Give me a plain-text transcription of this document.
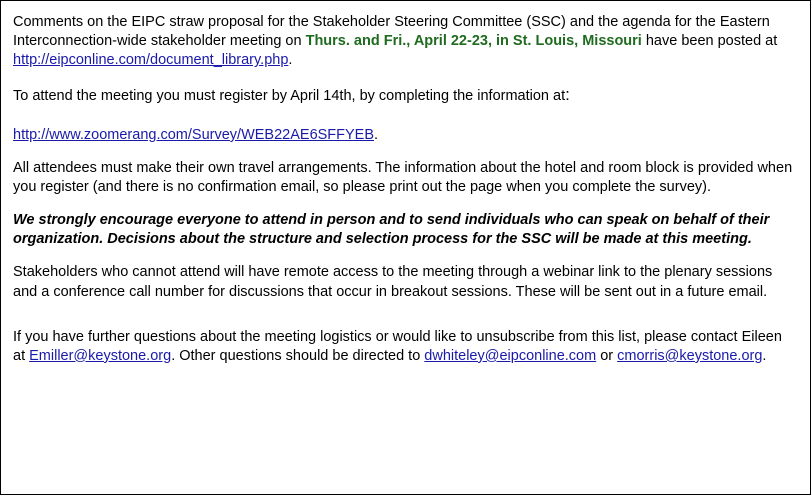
Comments on the EIPC straw proposal for the Stakeholder Steering Committee (SSC) and the agenda for the Eastern Interconnection-wide stakeholder meeting on Thurs. and Fri., April 22-23, in St. Louis, Missouri have been posted at http://eipconline.com/document_library.php.

To attend the meeting you must register by April 14th, by completing the information at:

http://www.zoomerang.com/Survey/WEB22AE6SFFYEB.

All attendees must make their own travel arrangements. The information about the hotel and room block is provided when you register (and there is no confirmation email, so please print out the page when you complete the survey).

We strongly encourage everyone to attend in person and to send individuals who can speak on behalf of their organization. Decisions about the structure and selection process for the SSC will be made at this meeting.

Stakeholders who cannot attend will have remote access to the meeting through a webinar link to the plenary sessions and a conference call number for discussions that occur in breakout sessions. These will be sent out in a future email.

If you have further questions about the meeting logistics or would like to unsubscribe from this list, please contact Eileen at Emiller@keystone.org. Other questions should be directed to dwhiteley@eipconline.com or cmorris@keystone.org.
